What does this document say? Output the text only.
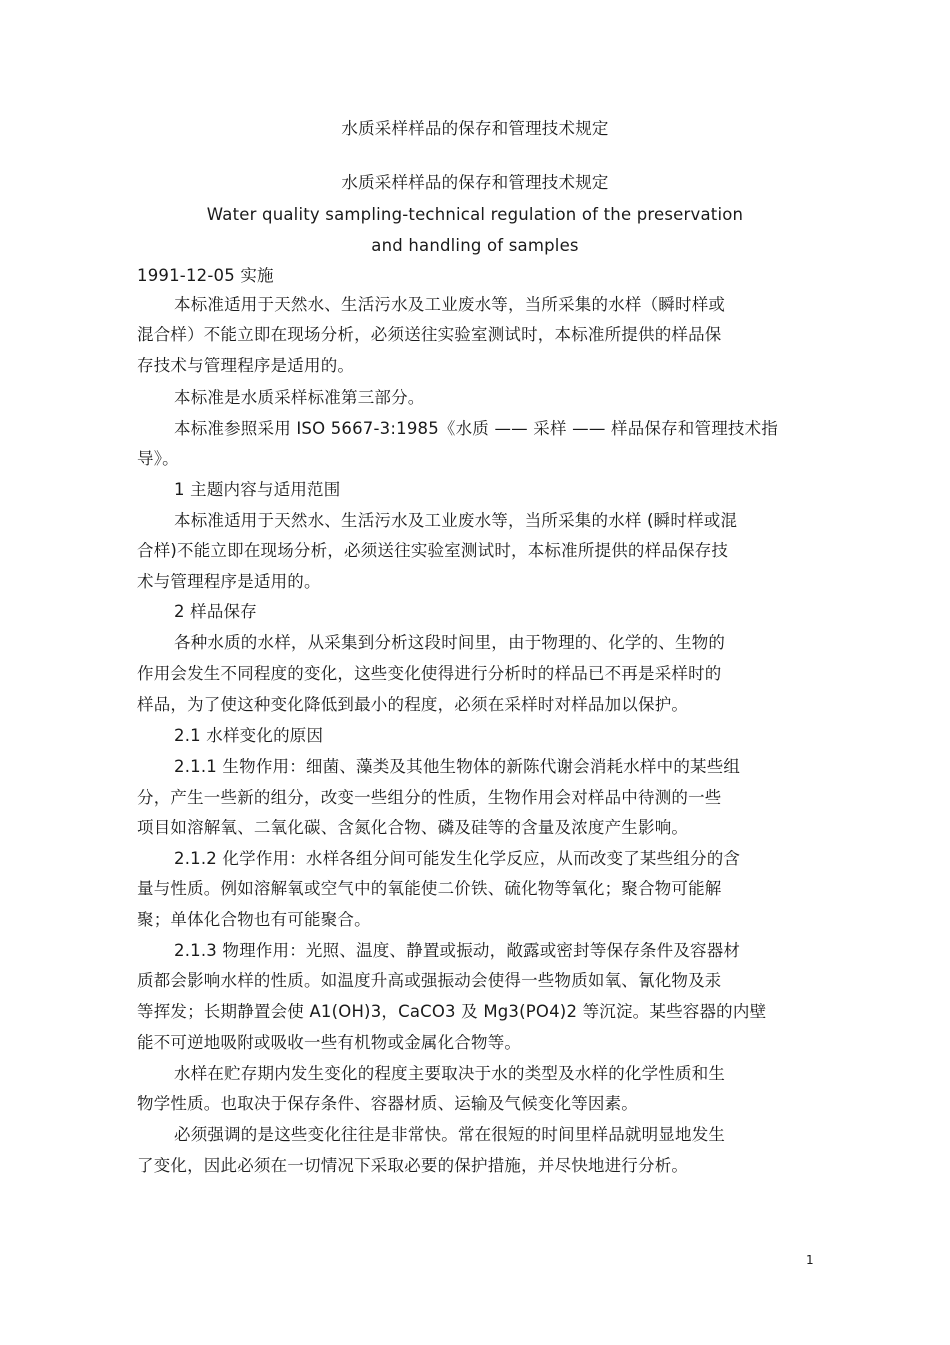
水质采样样品的保存和管理技术规定
水质采样样品的保存和管理技术规定
Water quality sampling-technical regulation of the preservation
and handling of samples
1991-12-05 实施
本标准适用于天然水、生活污水及工业废水等，当所采集的水样（瞬时样或
混合样）不能立即在现场分析，必须送往实验室测试时，本标准所提供的样品保
存技术与管理程序是适用的。
本标准是水质采样标准第三部分。
本标准参照采用 ISO 5667-3:1985《水质 —— 采样 —— 样品保存和管理技术指
导》。
1 主题内容与适用范围
本标准适用于天然水、生活污水及工业废水等，当所采集的水样 (瞬时样或混
合样)不能立即在现场分析，必须送往实验室测试时，本标准所提供的样品保存技
术与管理程序是适用的。
2 样品保存
各种水质的水样，从采集到分析这段时间里，由于物理的、化学的、生物的
作用会发生不同程度的变化，这些变化使得进行分析时的样品已不再是采样时的
样品，为了使这种变化降低到最小的程度，必须在采样时对样品加以保护。
2.1 水样变化的原因
2.1.1 生物作用：细菌、藻类及其他生物体的新陈代谢会消耗水样中的某些组
分，产生一些新的组分，改变一些组分的性质，生物作用会对样品中待测的一些
项目如溶解氧、二氧化碳、含氮化合物、磷及硅等的含量及浓度产生影响。
2.1.2 化学作用：水样各组分间可能发生化学反应，从而改变了某些组分的含
量与性质。例如溶解氧或空气中的氧能使二价铁、硫化物等氧化；聚合物可能解
聚；单体化合物也有可能聚合。
2.1.3 物理作用：光照、温度、静置或振动，敞露或密封等保存条件及容器材
质都会影响水样的性质。如温度升高或强振动会使得一些物质如氧、氰化物及汞
等挥发；长期静置会使 A1(OH)3，CaCO3 及 Mg3(PO4)2 等沉淀。某些容器的内壁
能不可逆地吸附或吸收一些有机物或金属化合物等。
水样在贮存期内发生变化的程度主要取决于水的类型及水样的化学性质和生
物学性质。也取决于保存条件、容器材质、运输及气候变化等因素。
必须强调的是这些变化往往是非常快。常在很短的时间里样品就明显地发生
了变化，因此必须在一切情况下采取必要的保护措施，并尽快地进行分析。
1
